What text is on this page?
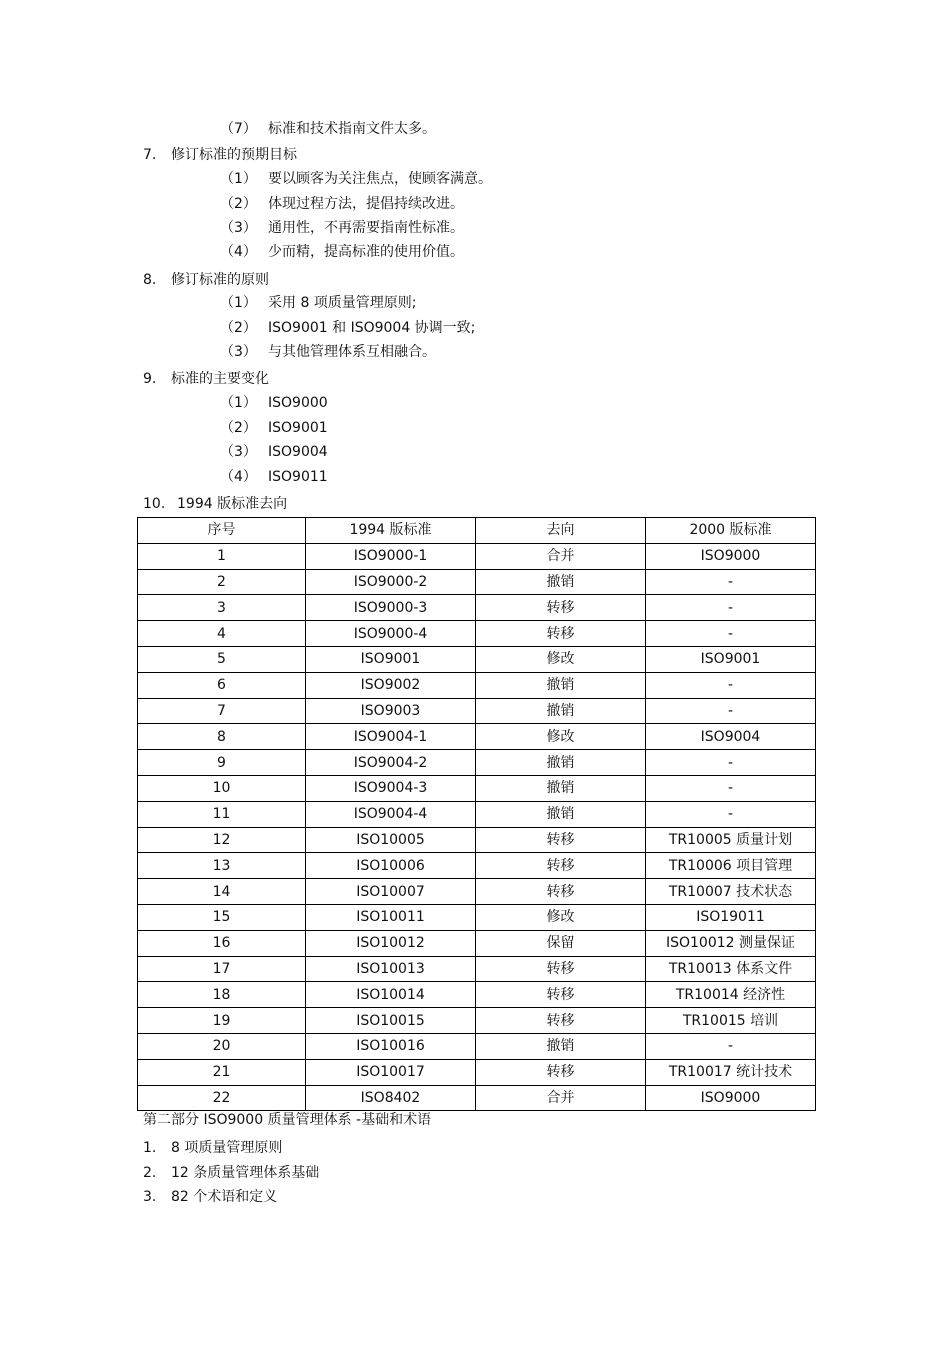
（7） 标准和技术指南文件太多。
7. 修订标准的预期目标
（1） 要以顾客为关注焦点，使顾客满意。
（2） 体现过程方法，提倡持续改进。
（3） 通用性，不再需要指南性标准。
（4） 少而精，提高标准的使用价值。
8. 修订标准的原则
（1） 采用 8 项质量管理原则;
（2） ISO9001 和 ISO9004 协调一致;
（3） 与其他管理体系互相融合。
9. 标准的主要变化
（1） ISO9000
（2） ISO9001
（3） ISO9004
（4） ISO9011
10. 1994 版标准去向
序号	1994 版标准	去向	2000 版标准
1	ISO9000-1	合并	ISO9000
2	ISO9000-2	撤销	-
3	ISO9000-3	转移	-
4	ISO9000-4	转移	-
5	ISO9001	修改	ISO9001
6	ISO9002	撤销	-
7	ISO9003	撤销	-
8	ISO9004-1	修改	ISO9004
9	ISO9004-2	撤销	-
10	ISO9004-3	撤销	-
11	ISO9004-4	撤销	-
12	ISO10005	转移	TR10005 质量计划
13	ISO10006	转移	TR10006 项目管理
14	ISO10007	转移	TR10007 技术状态
15	ISO10011	修改	ISO19011
16	ISO10012	保留	ISO10012 测量保证
17	ISO10013	转移	TR10013 体系文件
18	ISO10014	转移	TR10014 经济性
19	ISO10015	转移	TR10015 培训
20	ISO10016	撤销	-
21	ISO10017	转移	TR10017 统计技术
22	ISO8402	合并	ISO9000
第二部分 ISO9000 质量管理体系 -基础和术语
1. 8 项质量管理原则
2. 12 条质量管理体系基础
3. 82 个术语和定义
